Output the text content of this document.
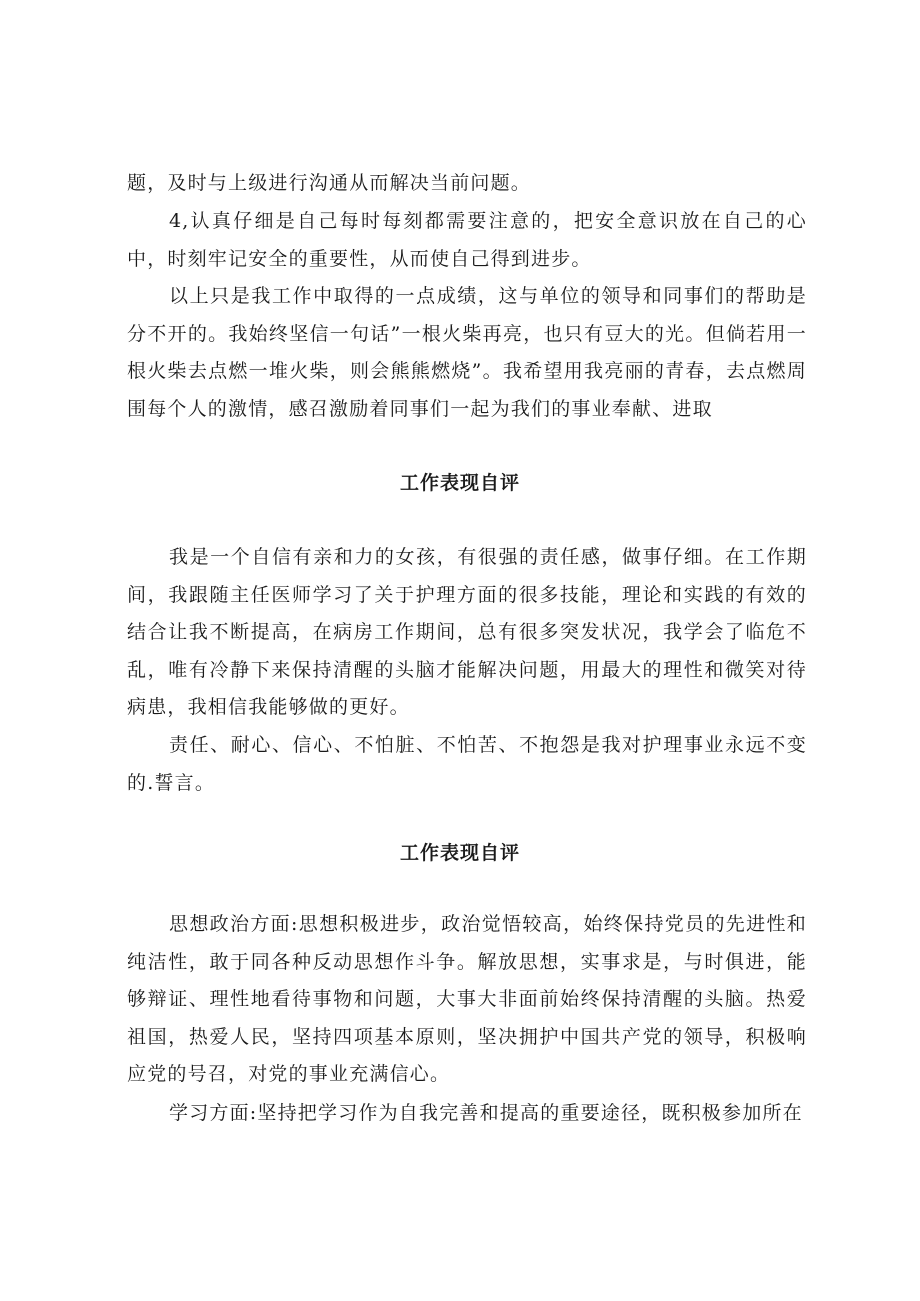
题，及时与上级进行沟通从而解决当前问题。

4,认真仔细是自己每时每刻都需要注意的，把安全意识放在自己的心中，时刻牢记安全的重要性，从而使自己得到进步。

以上只是我工作中取得的一点成绩，这与单位的领导和同事们的帮助是分不开的。我始终坚信一句话”一根火柴再亮，也只有豆大的光。但倘若用一根火柴去点燃一堆火柴，则会熊熊燃烧”。我希望用我亮丽的青春，去点燃周围每个人的激情，感召激励着同事们一起为我们的事业奉献、进取

工作表现自评

我是一个自信有亲和力的女孩，有很强的责任感，做事仔细。在工作期间，我跟随主任医师学习了关于护理方面的很多技能，理论和实践的有效的结合让我不断提高，在病房工作期间，总有很多突发状况，我学会了临危不乱，唯有冷静下来保持清醒的头脑才能解决问题，用最大的理性和微笑对待病患，我相信我能够做的更好。

责任、耐心、信心、不怕脏、不怕苦、不抱怨是我对护理事业永远不变的.誓言。

工作表现自评

思想政治方面:思想积极进步，政治觉悟较高，始终保持党员的先进性和纯洁性，敢于同各种反动思想作斗争。解放思想，实事求是，与时俱进，能够辩证、理性地看待事物和问题，大事大非面前始终保持清醒的头脑。热爱祖国，热爱人民，坚持四项基本原则，坚决拥护中国共产党的领导，积极响应党的号召，对党的事业充满信心。

学习方面:坚持把学习作为自我完善和提高的重要途径，既积极参加所在
